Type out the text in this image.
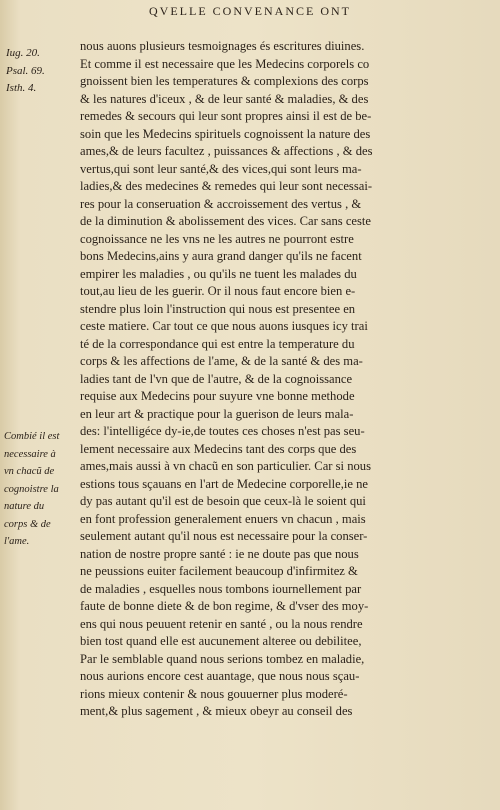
QVELLE CONVENANCE ONT
Iug. 20.
Psal. 69.
Isth. 4.
Combié il est
necessaire à
vn chacũ de
cognoistre la
nature du
corps & de
l'ame.
nous auons plusieurs tesmoignages és escritures diuines.
Et comme il est necessaire que les Medecins corporels co
gnoissent bien les temperatures & complexions des corps
& les natures d'iceux , & de leur santé & maladies, & des
remedes & secours qui leur sont propres ainsi il est de be-
soin que les Medecins spirituels cognoissent la nature des
ames,& de leurs facultez , puissances & affections , & des
vertus,qui sont leur santé,& des vices,qui sont leurs ma-
ladies,& des medecines & remedes qui leur sont necessai-
res pour la conseruation & accroissement des vertus , &
de la diminution & abolissement des vices. Car sans ceste
cognoissance ne les vns ne les autres ne pourront estre
bons Medecins,ains y aura grand danger qu'ils ne facent
empirer les maladies , ou qu'ils ne tuent les malades du
tout,au lieu de les guerir. Or il nous faut encore bien e-
stendre plus loin l'instruction qui nous est presentee en
ceste matiere. Car tout ce que nous auons iusques icy trai
té de la correspondance qui est entre la temperature du
corps & les affections de l'ame, & de la santé & des ma-
ladies tant de l'vn que de l'autre, & de la cognoissance
requise aux Medecins pour suyure vne bonne methode
en leur art & practique pour la guerison de leurs mala-
des: l'intelligéce dy-ie,de toutes ces choses n'est pas seu-
lement necessaire aux Medecins tant des corps que des
ames,mais aussi à vn chacũ en son particulier. Car si nous
estions tous sçauans en l'art de Medecine corporelle,ie ne
dy pas autant qu'il est de besoin que ceux-là le soient qui
en font profession generalement enuers vn chacun , mais
seulement autant qu'il nous est necessaire pour la conser-
nation de nostre propre santé : ie ne doute pas que nous
ne peussions euiter facilement beaucoup d'infirmitez &
de maladies , esquelles nous tombons iournellement par
faute de bonne diete & de bon regime, & d'vser des moy-
ens qui nous peuuent retenir en santé , ou la nous rendre
bien tost quand elle est aucunement alteree ou debilitee,
Par le semblable quand nous serions tombez en maladie,
nous aurions encore cest auantage, que nous nous sçau-
rions mieux contenir & nous gouuerner plus moderé-
ment,& plus sagement , & mieux obeyr au conseil des
